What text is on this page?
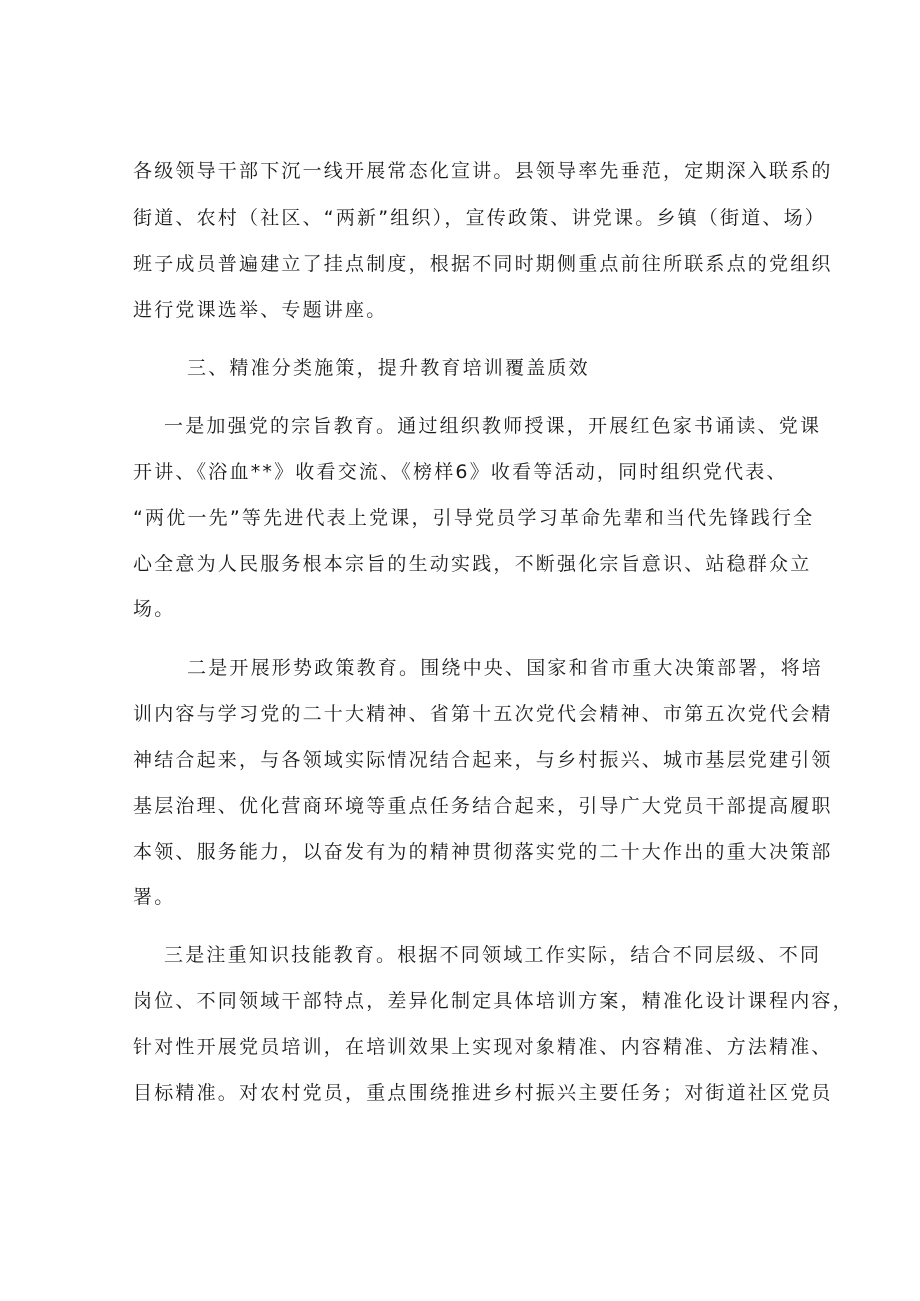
各级领导干部下沉一线开展常态化宣讲。县领导率先垂范，定期深入联系的
街道、农村（社区、“两新”组织），宣传政策、讲党课。乡镇（街道、场）
班子成员普遍建立了挂点制度，根据不同时期侧重点前往所联系点的党组织
进行党课选举、专题讲座。
三、精准分类施策，提升教育培训覆盖质效
一是加强党的宗旨教育。通过组织教师授课，开展红色家书诵读、党课
开讲、《浴血**》收看交流、《榜样6》收看等活动，同时组织党代表、
“两优一先”等先进代表上党课，引导党员学习革命先辈和当代先锋践行全
心全意为人民服务根本宗旨的生动实践，不断强化宗旨意识、站稳群众立
场。
二是开展形势政策教育。围绕中央、国家和省市重大决策部署，将培
训内容与学习党的二十大精神、省第十五次党代会精神、市第五次党代会精
神结合起来，与各领域实际情况结合起来，与乡村振兴、城市基层党建引领
基层治理、优化营商环境等重点任务结合起来，引导广大党员干部提高履职
本领、服务能力，以奋发有为的精神贯彻落实党的二十大作出的重大决策部
署。
三是注重知识技能教育。根据不同领域工作实际，结合不同层级、不同
岗位、不同领域干部特点，差异化制定具体培训方案，精准化设计课程内容，
针对性开展党员培训，在培训效果上实现对象精准、内容精准、方法精准、
目标精准。对农村党员，重点围绕推进乡村振兴主要任务；对街道社区党员
